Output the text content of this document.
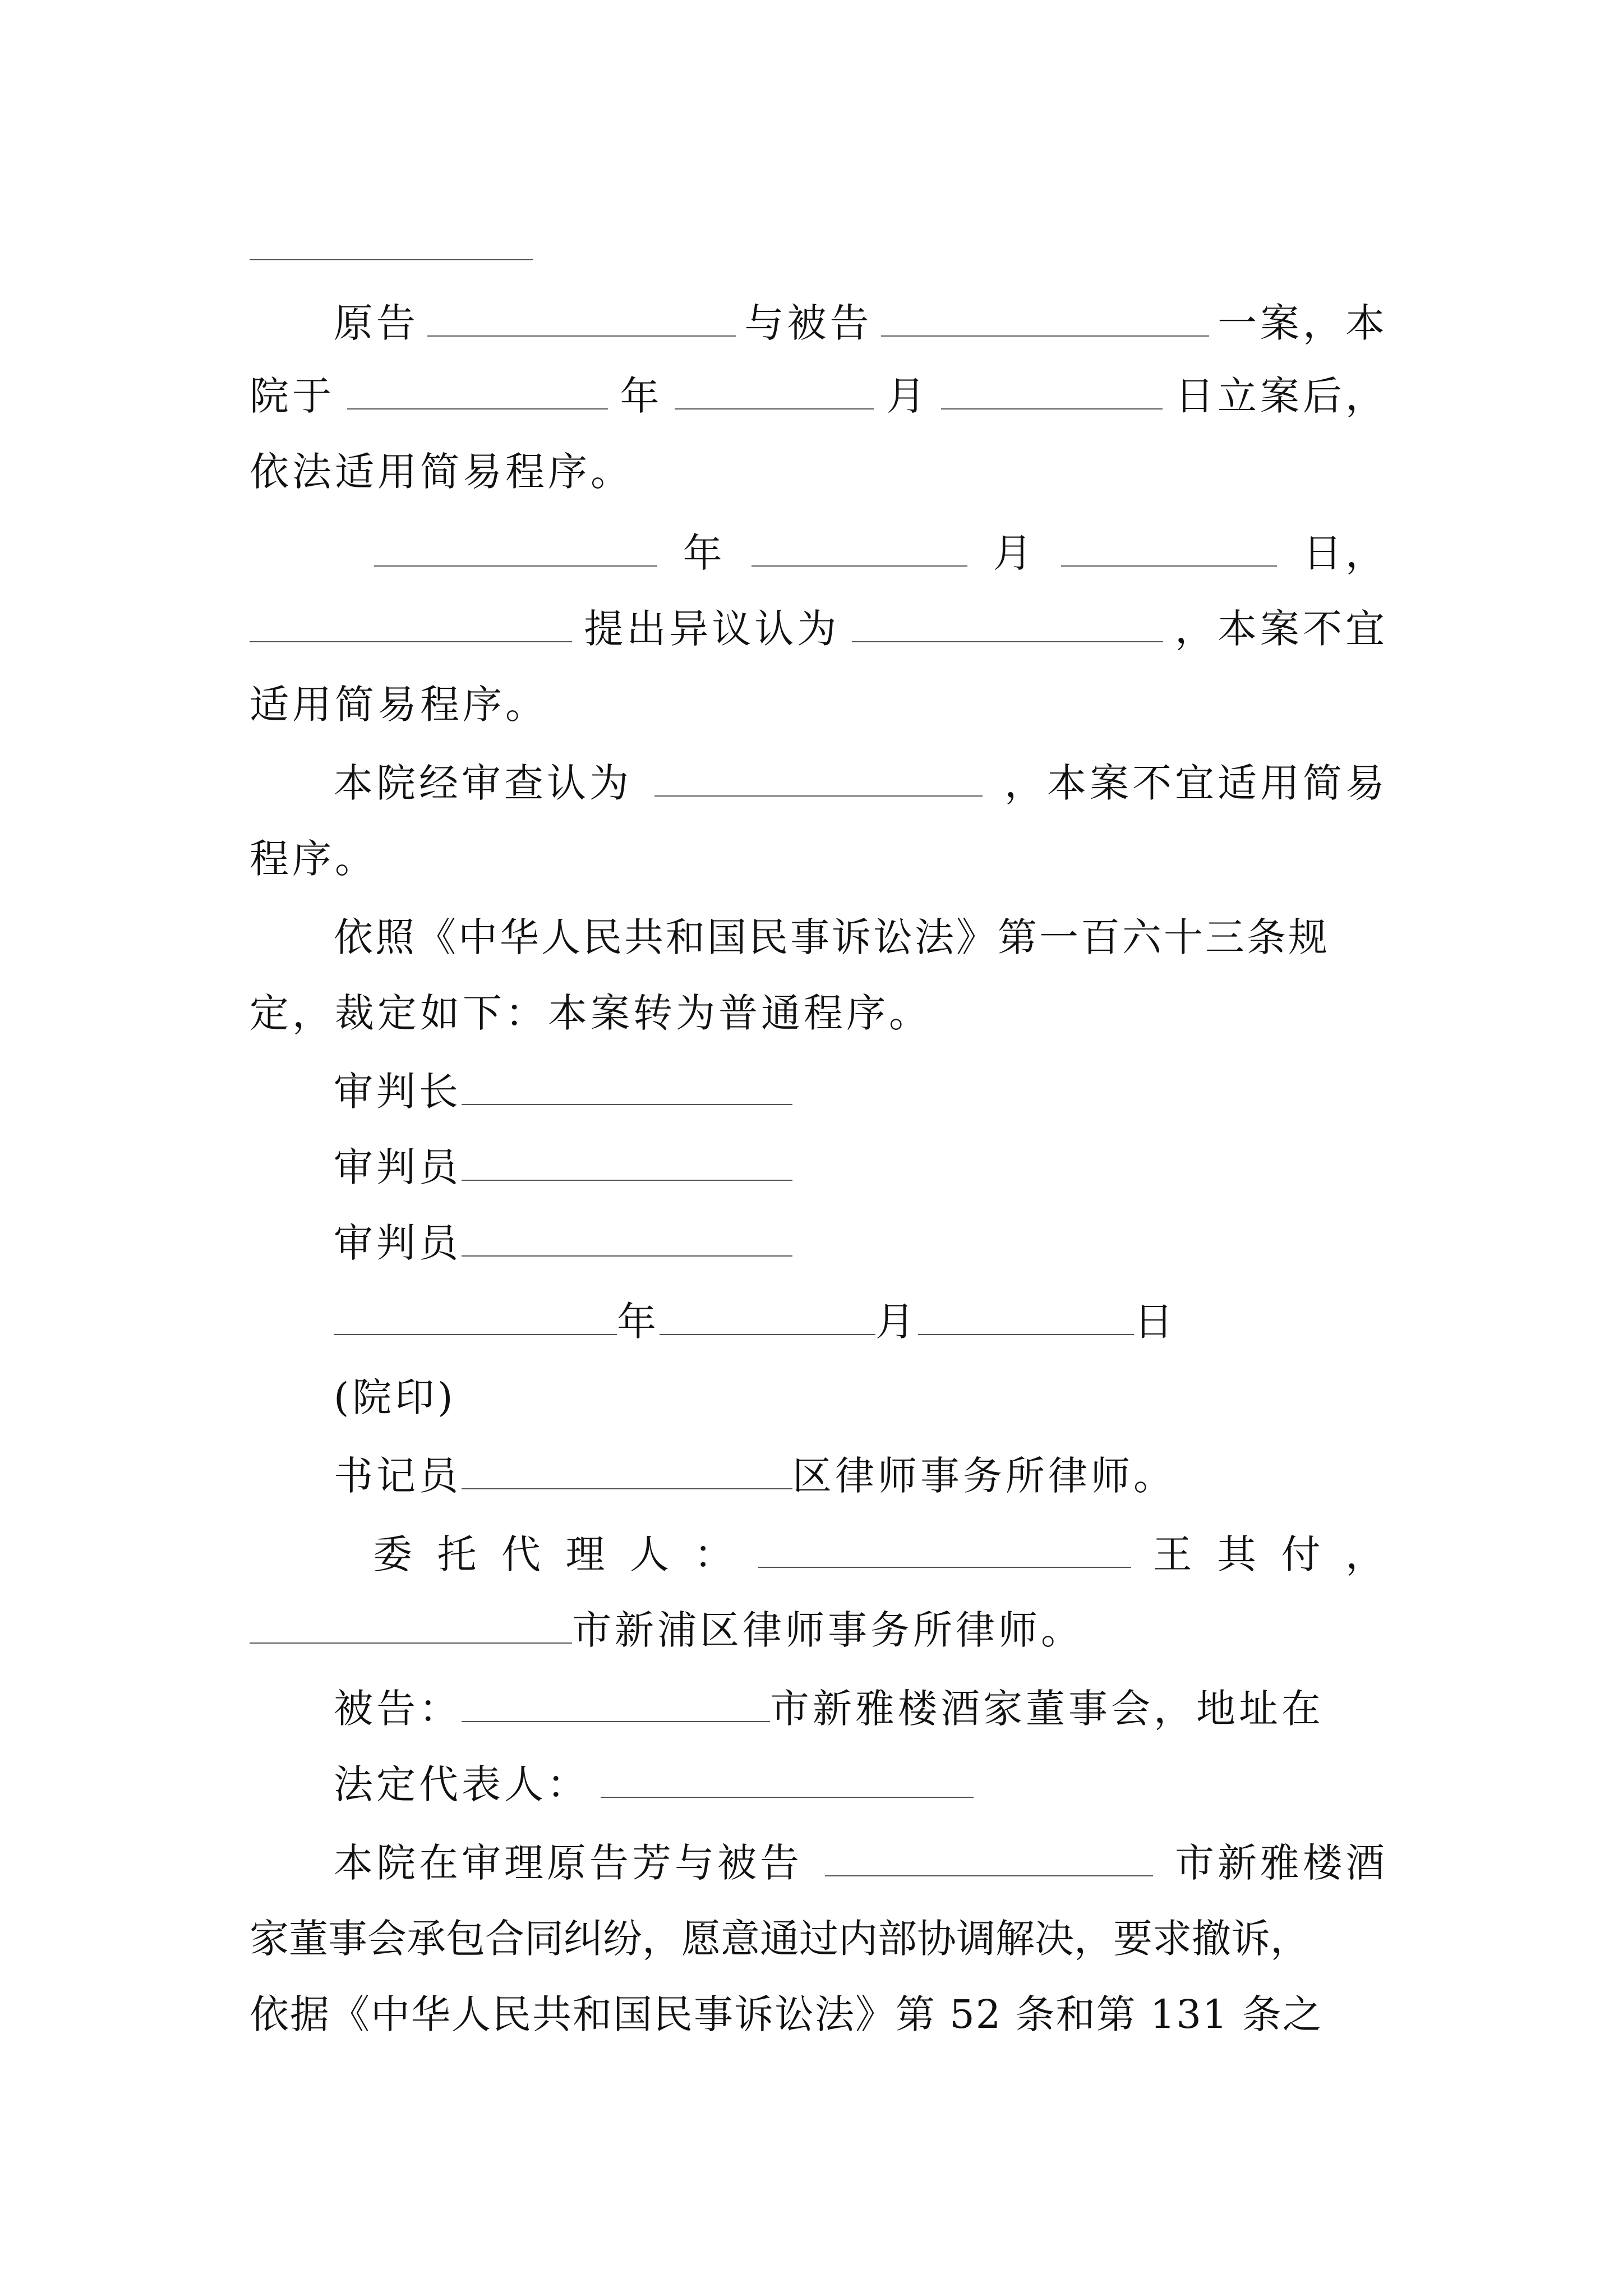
原告	与被告	一案，本
院于	年	月	日立案后，
依法适用简易程序。
年	月	日，
提出异议认为	，本案不宜
适用简易程序。
本院经审查认为	，本案不宜适用简易
程序。
依照《中华人民共和国民事诉讼法》第一百六十三条规
定，裁定如下：本案转为普通程序。
审判长
审判员
审判员
年	月	日
(院印)
书记员	区律师事务所律师。
委 托 代 理 人 ：	王 其 付 ，
市新浦区律师事务所律师。
被告：	市新雅楼酒家董事会，地址在
法定代表人：
本院在审理原告芳与被告	市新雅楼酒
家董事会承包合同纠纷，愿意通过内部协调解决，要求撤诉，
依据《中华人民共和国民事诉讼法》第 52 条和第 131 条之
